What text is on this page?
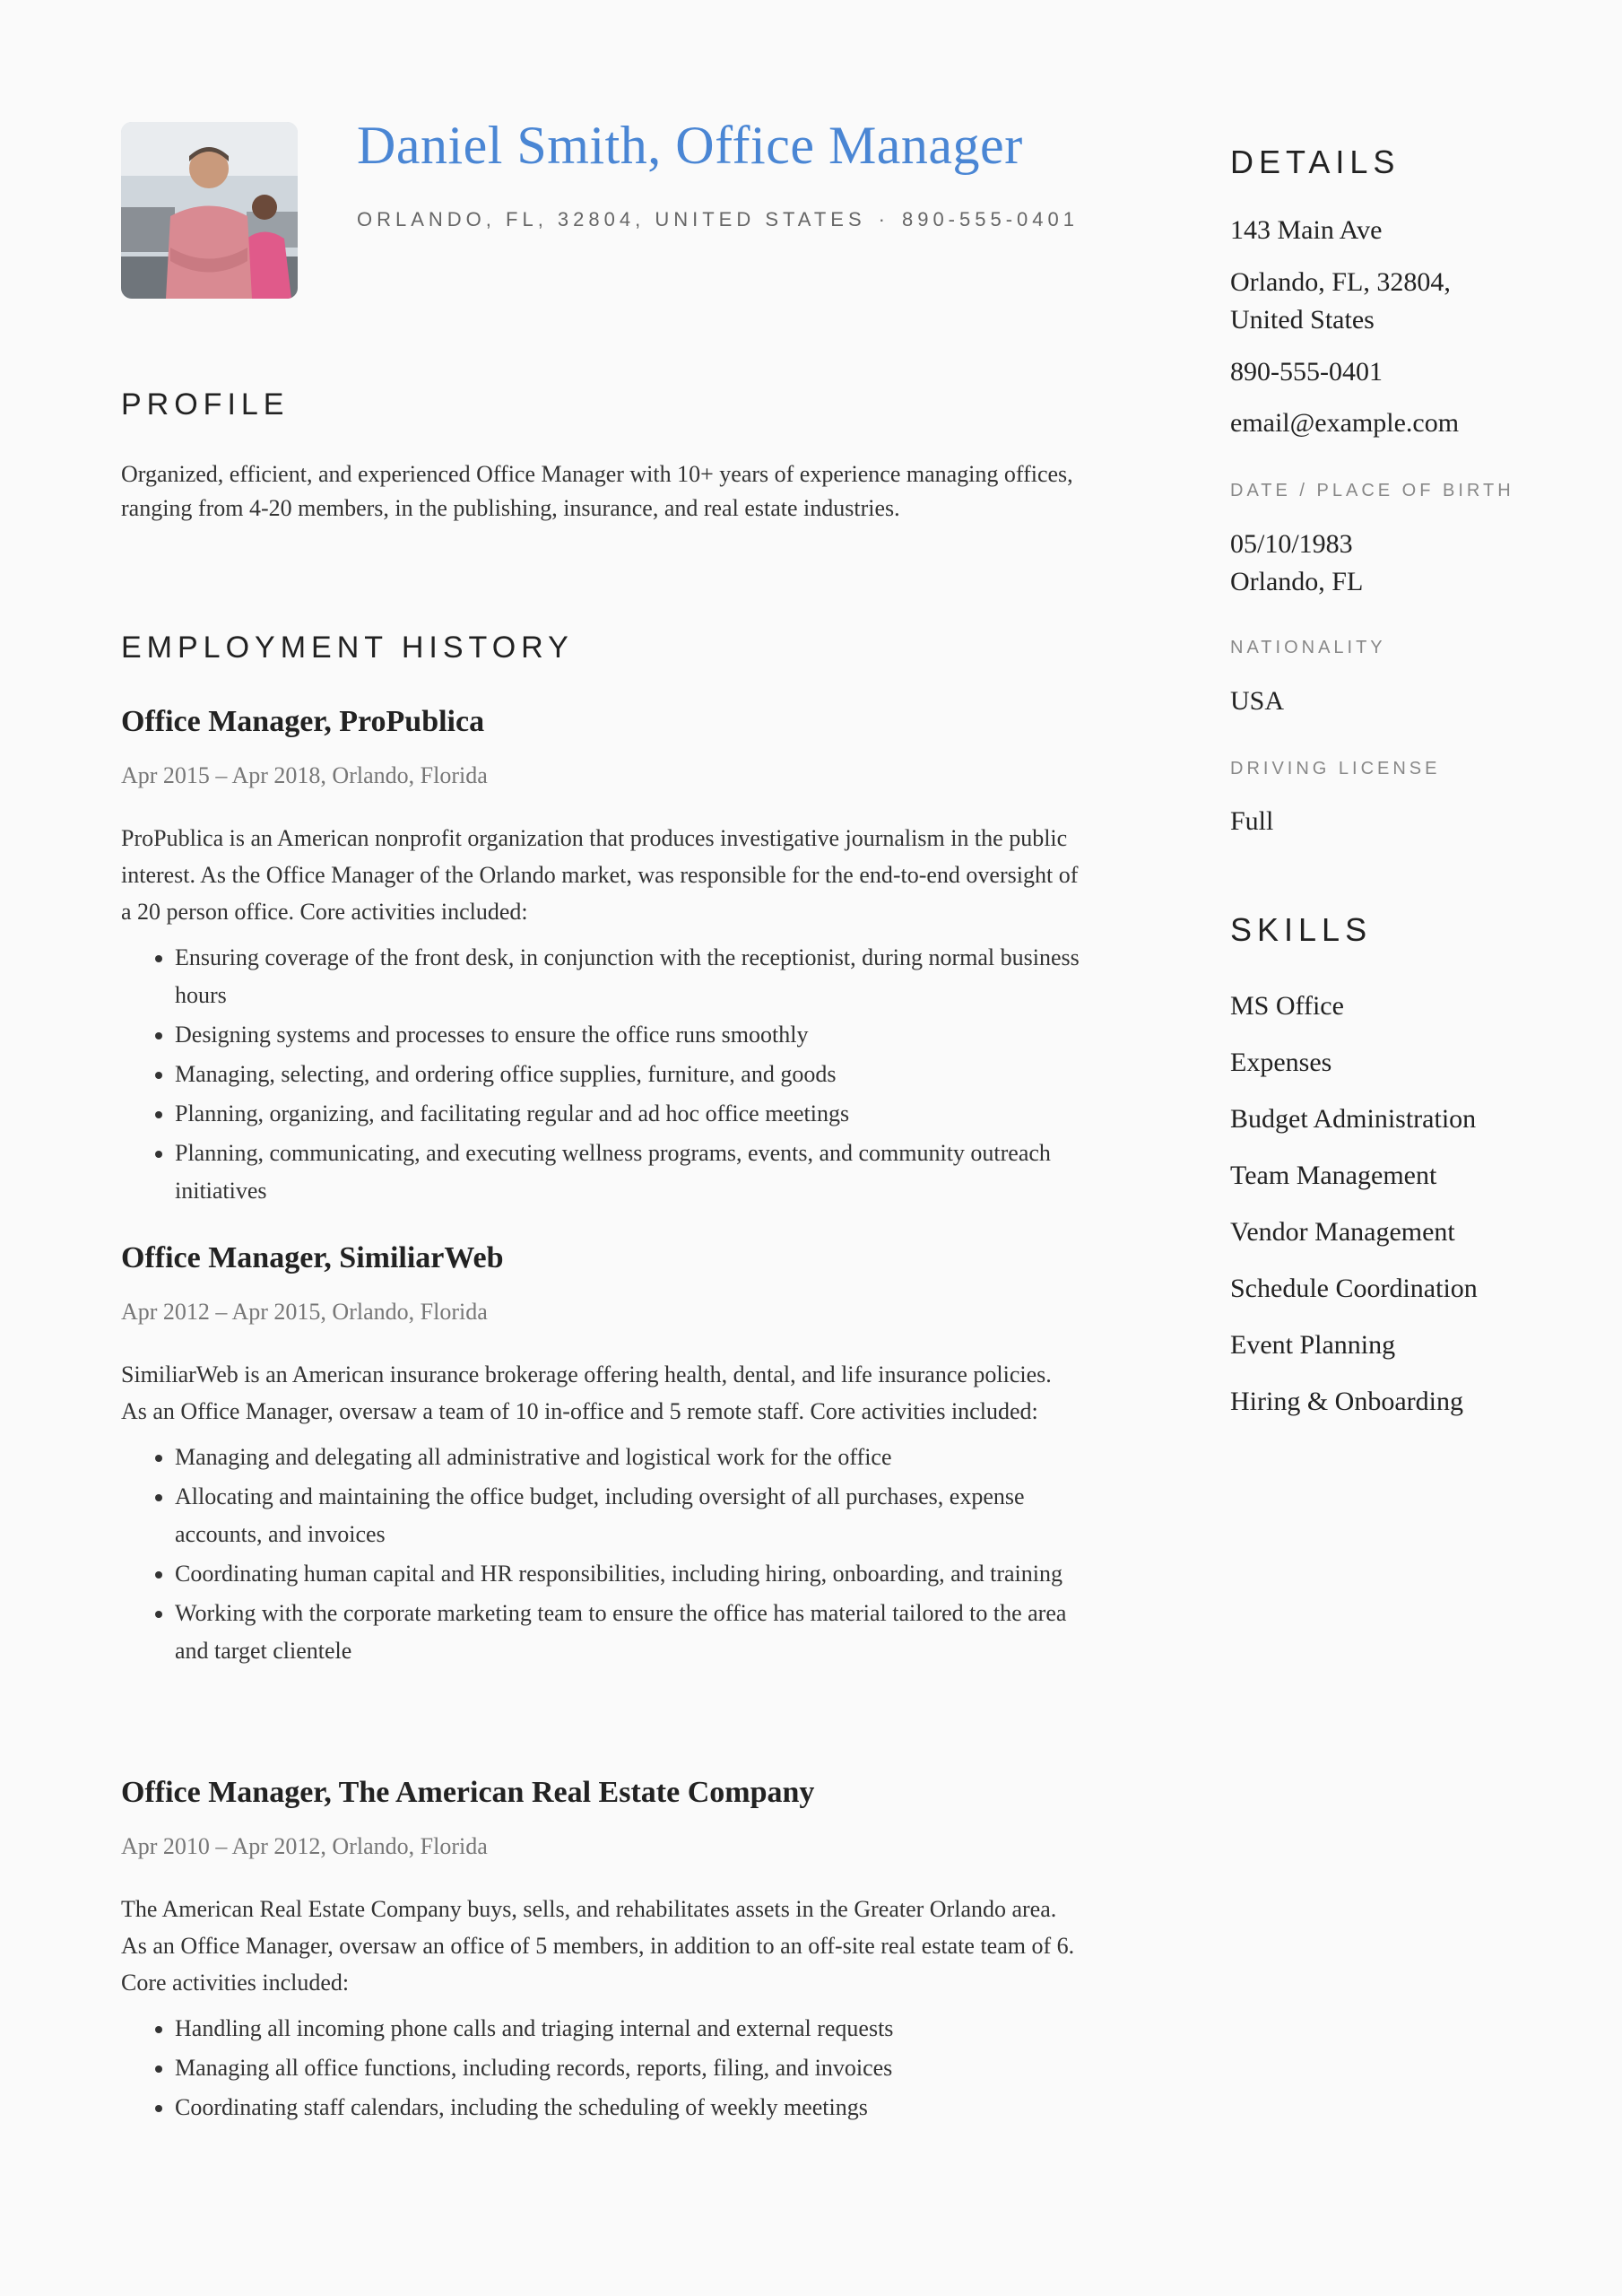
Daniel Smith, Office Manager
ORLANDO, FL, 32804, UNITED STATES · 890-555-0401
PROFILE

Organized, efficient, and experienced Office Manager with 10+ years of experience managing offices, ranging from 4-20 members, in the publishing, insurance, and real estate industries.

EMPLOYMENT HISTORY
Office Manager, ProPublica
Apr 2015 – Apr 2018, Orlando, Florida

ProPublica is an American nonprofit organization that produces investigative journalism in the public interest. As the Office Manager of the Orlando market, was responsible for the end-to-end oversight of a 20 person office. Core activities included:

• Ensuring coverage of the front desk, in conjunction with the receptionist, during normal business hours
• Designing systems and processes to ensure the office runs smoothly
• Managing, selecting, and ordering office supplies, furniture, and goods
• Planning, organizing, and facilitating regular and ad hoc office meetings
• Planning, communicating, and executing wellness programs, events, and community outreach initiatives
Office Manager, SimiliarWeb
Apr 2012 – Apr 2015, Orlando, Florida

SimiliarWeb is an American insurance brokerage offering health, dental, and life insurance policies. As an Office Manager, oversaw a team of 10 in-office and 5 remote staff. Core activities included:

• Managing and delegating all administrative and logistical work for the office
• Allocating and maintaining the office budget, including oversight of all purchases, expense accounts, and invoices
• Coordinating human capital and HR responsibilities, including hiring, onboarding, and training
• Working with the corporate marketing team to ensure the office has material tailored to the area and target clientele
Office Manager, The American Real Estate Company
Apr 2010 – Apr 2012, Orlando, Florida

The American Real Estate Company buys, sells, and rehabilitates assets in the Greater Orlando area. As an Office Manager, oversaw an office of 5 members, in addition to an off-site real estate team of 6. Core activities included:

• Handling all incoming phone calls and triaging internal and external requests
• Managing all office functions, including records, reports, filing, and invoices
• Coordinating staff calendars, including the scheduling of weekly meetings
DETAILS
143 Main Ave
Orlando, FL, 32804,
United States
890-555-0401
email@example.com
DATE / PLACE OF BIRTH
05/10/1983
Orlando, FL
NATIONALITY
USA
DRIVING LICENSE
Full
SKILLS
MS Office
Expenses
Budget Administration
Team Management
Vendor Management
Schedule Coordination
Event Planning
Hiring & Onboarding
